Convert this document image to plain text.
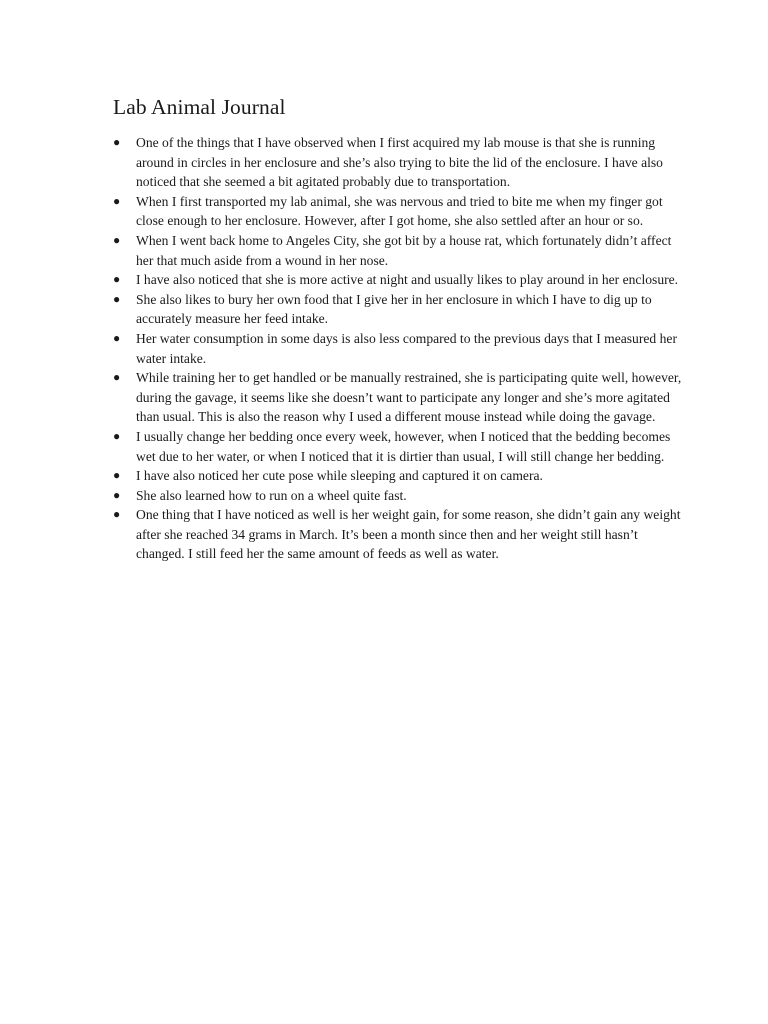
Lab Animal Journal
● One of the things that I have observed when I first acquired my lab mouse is that she is running around in circles in her enclosure and she’s also trying to bite the lid of the enclosure. I have also noticed that she seemed a bit agitated probably due to transportation.
● When I first transported my lab animal, she was nervous and tried to bite me when my finger got close enough to her enclosure. However, after I got home, she also settled after an hour or so.
● When I went back home to Angeles City, she got bit by a house rat, which fortunately didn’t affect her that much aside from a wound in her nose.
● I have also noticed that she is more active at night and usually likes to play around in her enclosure.
● She also likes to bury her own food that I give her in her enclosure in which I have to dig up to accurately measure her feed intake.
● Her water consumption in some days is also less compared to the previous days that I measured her water intake.
● While training her to get handled or be manually restrained, she is participating quite well, however, during the gavage, it seems like she doesn’t want to participate any longer and she’s more agitated than usual. This is also the reason why I used a different mouse instead while doing the gavage.
● I usually change her bedding once every week, however, when I noticed that the bedding becomes wet due to her water, or when I noticed that it is dirtier than usual, I will still change her bedding.
● I have also noticed her cute pose while sleeping and captured it on camera.
● She also learned how to run on a wheel quite fast.
● One thing that I have noticed as well is her weight gain, for some reason, she didn’t gain any weight after she reached 34 grams in March. It’s been a month since then and her weight still hasn’t changed. I still feed her the same amount of feeds as well as water.
